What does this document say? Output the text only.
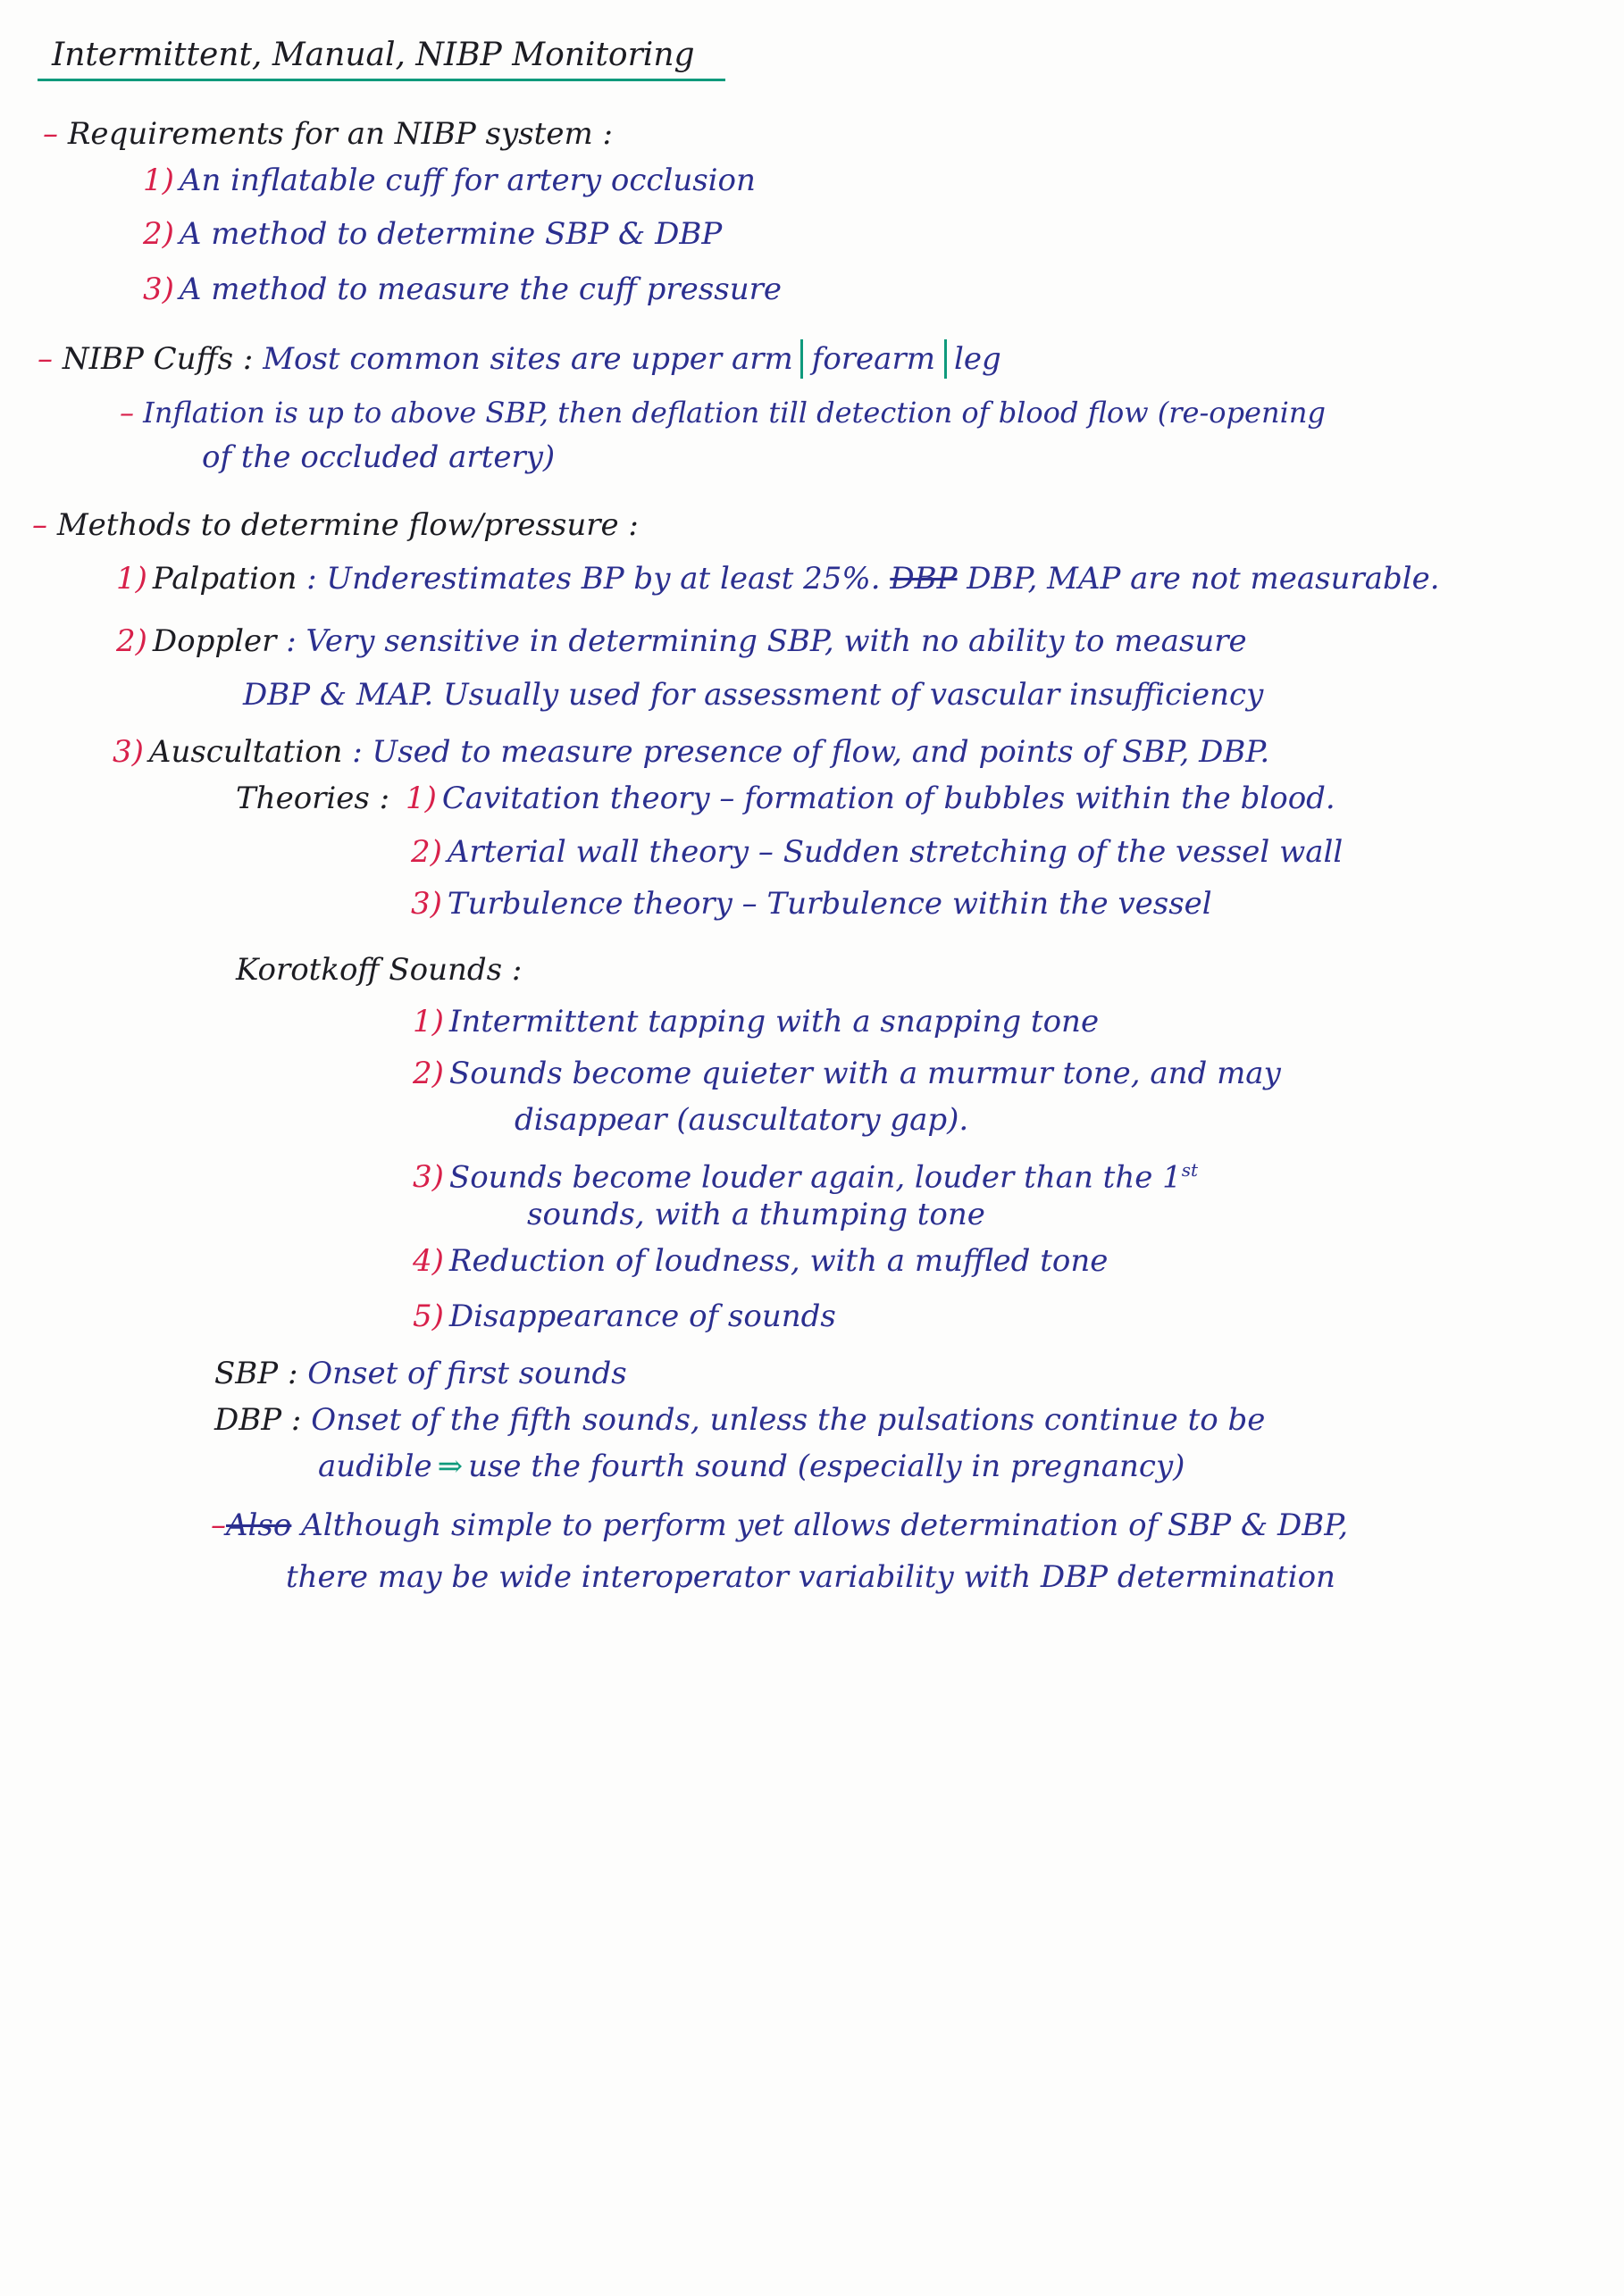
Intermittent, Manual, NIBP Monitoring
– Requirements for an NIBP system :
1) An inflatable cuff for artery occlusion
2) A method to determine SBP & DBP
3) A method to measure the cuff pressure
– NIBP Cuffs : Most common sites are upper arm forearm leg
– Inflation is up to above SBP, then deflation till detection of blood flow (re-opening
of the occluded artery)
– Methods to determine flow/pressure :
1) Palpation : Underestimates BP by at least 25%. DBP DBP, MAP are not measurable.
2) Doppler : Very sensitive in determining SBP, with no ability to measure
DBP & MAP. Usually used for assessment of vascular insufficiency
3) Auscultation : Used to measure presence of flow, and points of SBP, DBP.
Theories : 1) Cavitation theory – formation of bubbles within the blood.
2) Arterial wall theory – Sudden stretching of the vessel wall
3) Turbulence theory – Turbulence within the vessel
Korotkoff Sounds :
1) Intermittent tapping with a snapping tone
2) Sounds become quieter with a murmur tone, and may
disappear (auscultatory gap).
3) Sounds become louder again, louder than the 1st
sounds, with a thumping tone
4) Reduction of loudness, with a muffled tone
5) Disappearance of sounds
SBP : Onset of first sounds
DBP : Onset of the fifth sounds, unless the pulsations continue to be
audible ⇒ use the fourth sound (especially in pregnancy)
–Also Although simple to perform yet allows determination of SBP & DBP,
there may be wide interoperator variability with DBP determination
